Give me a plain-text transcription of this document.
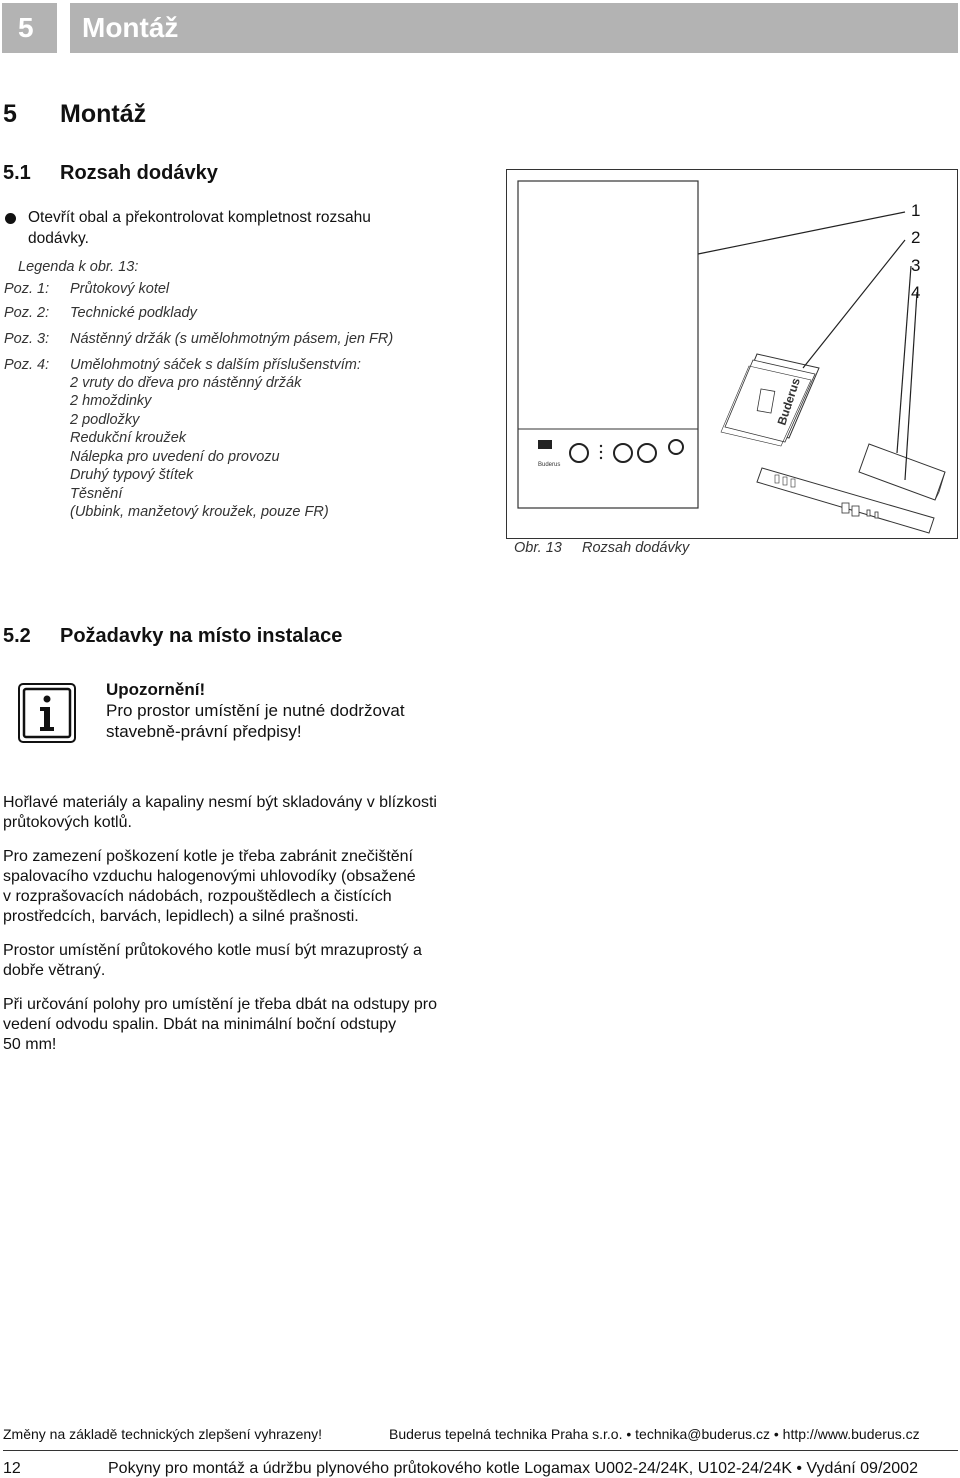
5 Montáž
5 Montáž
5.1 Rozsah dodávky
Otevřít obal a překontrolovat kompletnost rozsahu
dodávky.
Legenda k obr. 13:
Poz. 1: Průtokový kotel
Poz. 2: Technické podklady
Poz. 3: Nástěnný držák (s umělohmotným pásem, jen FR)
Poz. 4: Umělohmotný sáček s dalším příslušenstvím:
2 vruty do dřeva pro nástěnný držák
2 hmoždinky
2 podložky
Redukční kroužek
Nálepka pro uvedení do provozu
Druhý typový štítek
Těsnění
(Ubbink, manžetový kroužek, pouze FR)
Buderus
Buderus
1
2
3
4
Obr. 13 Rozsah dodávky
5.2 Požadavky na místo instalace
Upozornění!
Pro prostor umístění je nutné dodržovat
stavebně-právní předpisy!
Hořlavé materiály a kapaliny nesmí být skladovány v blízkosti
průtokových kotlů.
Pro zamezení poškození kotle je třeba zabránit znečištění
spalovacího vzduchu halogenovými uhlovodíky (obsažené
v rozprašovacích nádobách, rozpouštědlech a čistících
prostředcích, barvách, lepidlech) a silné prašnosti.
Prostor umístění průtokového kotle musí být mrazuprostý a
dobře větraný.
Při určování polohy pro umístění je třeba dbát na odstupy pro
vedení odvodu spalin. Dbát na minimální boční odstupy
50 mm!
Změny na základě technických zlepšení vyhrazeny!	Buderus tepelná technika Praha s.r.o. • technika@buderus.cz • http://www.buderus.cz
12	Pokyny pro montáž a údržbu plynového průtokového kotle Logamax U002-24/24K, U102-24/24K • Vydání 09/2002
